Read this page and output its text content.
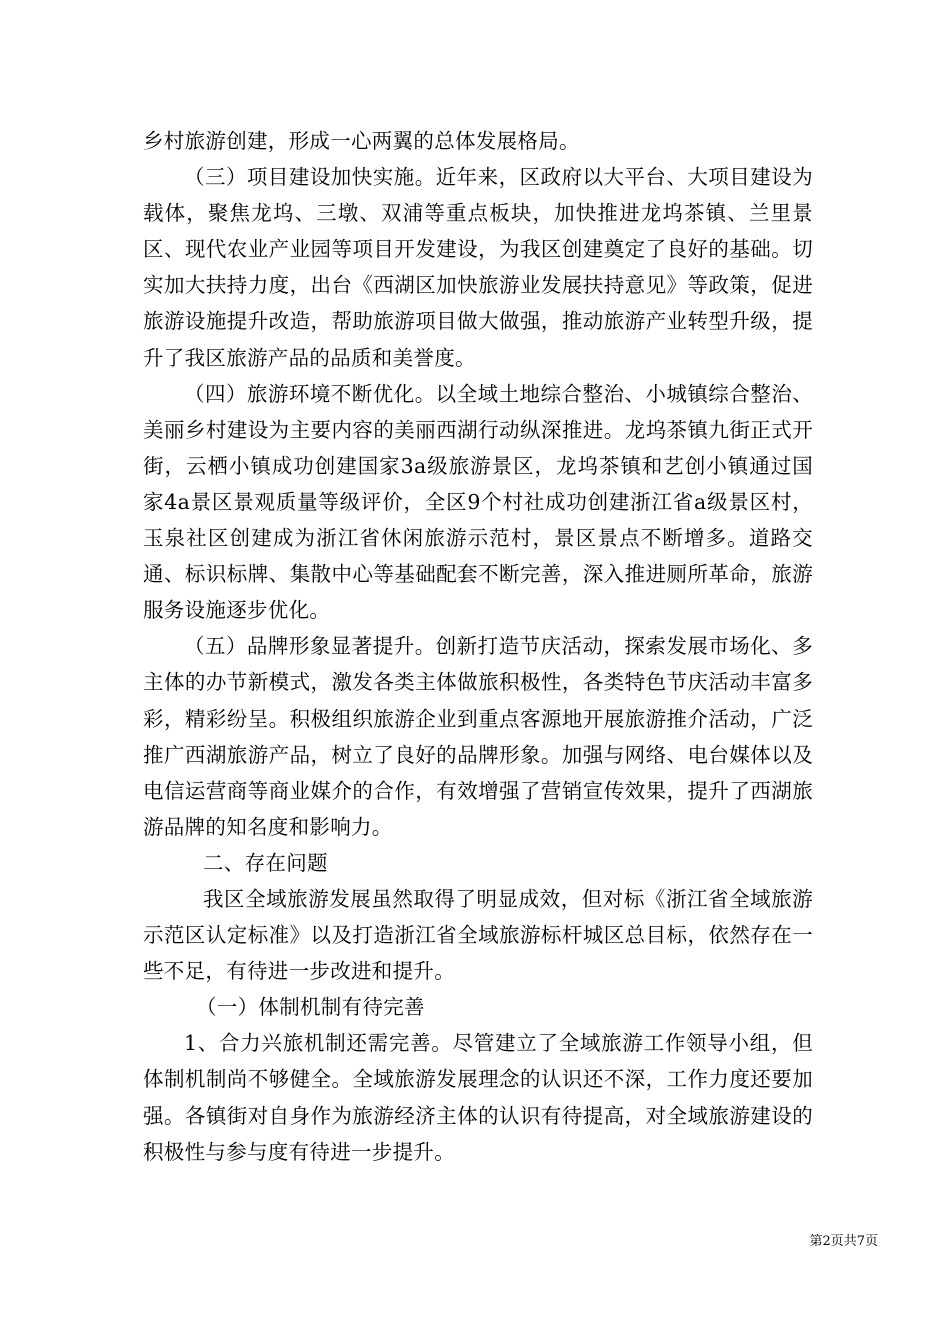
乡村旅游创建，形成一心两翼的总体发展格局。

（三）项目建设加快实施。近年来，区政府以大平台、大项目建设为载体，聚焦龙坞、三墩、双浦等重点板块，加快推进龙坞茶镇、兰里景区、现代农业产业园等项目开发建设，为我区创建奠定了良好的基础。切实加大扶持力度，出台《西湖区加快旅游业发展扶持意见》等政策，促进旅游设施提升改造，帮助旅游项目做大做强，推动旅游产业转型升级，提升了我区旅游产品的品质和美誉度。

（四）旅游环境不断优化。以全域土地综合整治、小城镇综合整治、美丽乡村建设为主要内容的美丽西湖行动纵深推进。龙坞茶镇九街正式开街，云栖小镇成功创建国家3a级旅游景区，龙坞茶镇和艺创小镇通过国家4a景区景观质量等级评价，全区9个村社成功创建浙江省a级景区村，玉泉社区创建成为浙江省休闲旅游示范村，景区景点不断增多。道路交通、标识标牌、集散中心等基础配套不断完善，深入推进厕所革命，旅游服务设施逐步优化。

（五）品牌形象显著提升。创新打造节庆活动，探索发展市场化、多主体的办节新模式，激发各类主体做旅积极性，各类特色节庆活动丰富多彩，精彩纷呈。积极组织旅游企业到重点客源地开展旅游推介活动，广泛推广西湖旅游产品，树立了良好的品牌形象。加强与网络、电台媒体以及电信运营商等商业媒介的合作，有效增强了营销宣传效果，提升了西湖旅游品牌的知名度和影响力。

二、存在问题

我区全域旅游发展虽然取得了明显成效，但对标《浙江省全域旅游示范区认定标准》以及打造浙江省全域旅游标杆城区总目标，依然存在一些不足，有待进一步改进和提升。

（一）体制机制有待完善

1、合力兴旅机制还需完善。尽管建立了全域旅游工作领导小组，但体制机制尚不够健全。全域旅游发展理念的认识还不深，工作力度还要加强。各镇街对自身作为旅游经济主体的认识有待提高，对全域旅游建设的积极性与参与度有待进一步提升。

第2页共7页
